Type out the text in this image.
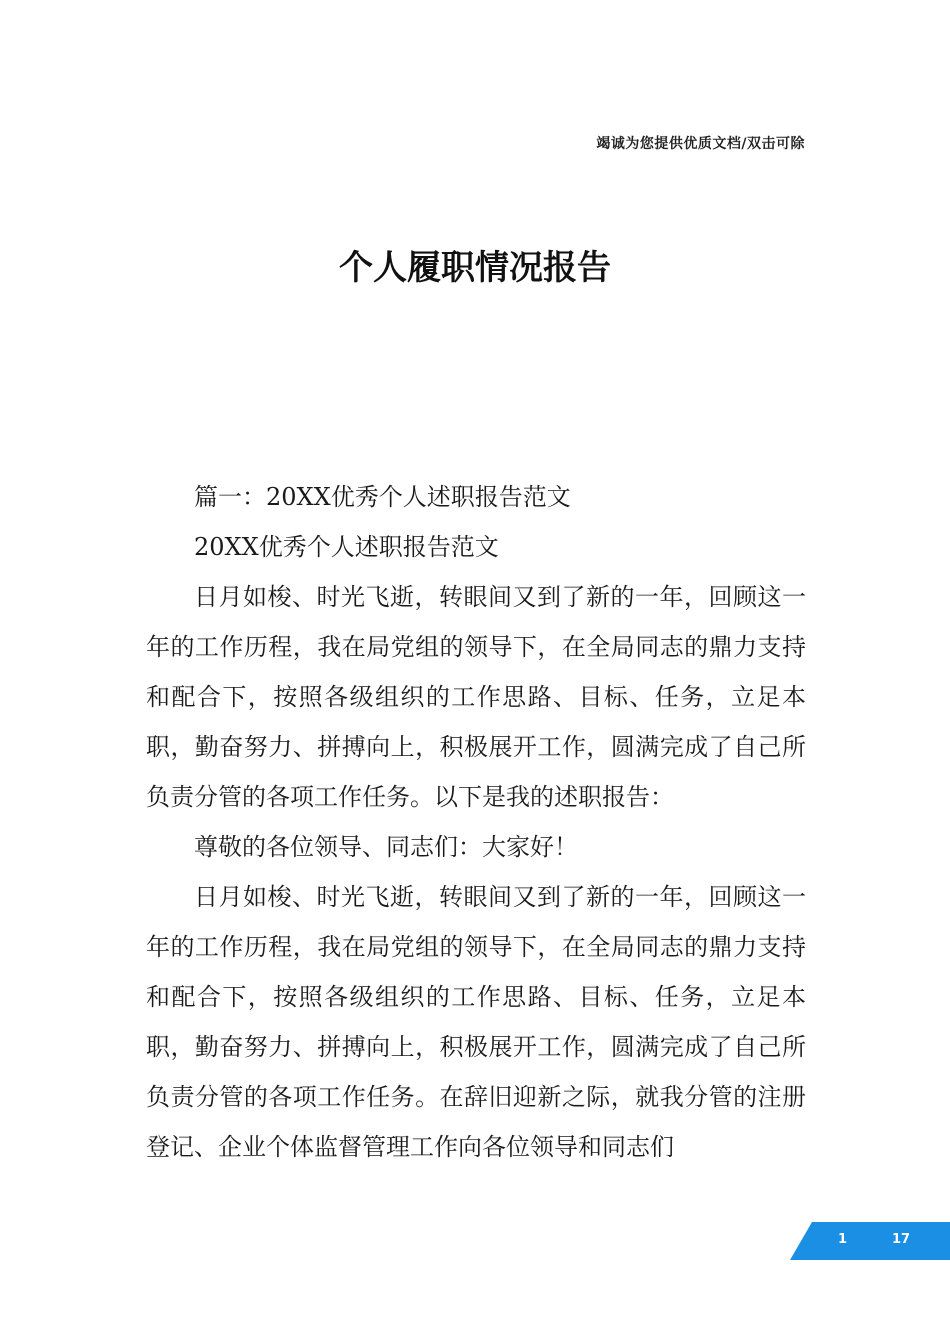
竭诚为您提供优质文档/双击可除
个人履职情况报告

篇一：20XX优秀个人述职报告范文

20XX优秀个人述职报告范文

日月如梭、时光飞逝，转眼间又到了新的一年，回顾这一年的工作历程，我在局党组的领导下，在全局同志的鼎力支持和配合下，按照各级组织的工作思路、目标、任务，立足本职，勤奋努力、拼搏向上，积极展开工作，圆满完成了自己所负责分管的各项工作任务。以下是我的述职报告：

尊敬的各位领导、同志们：大家好！

日月如梭、时光飞逝，转眼间又到了新的一年，回顾这一年的工作历程，我在局党组的领导下，在全局同志的鼎力支持和配合下，按照各级组织的工作思路、目标、任务，立足本职，勤奋努力、拼搏向上，积极展开工作，圆满完成了自己所负责分管的各项工作任务。在辞旧迎新之际，就我分管的注册登记、企业个体监督管理工作向各位领导和同志们

1	17
